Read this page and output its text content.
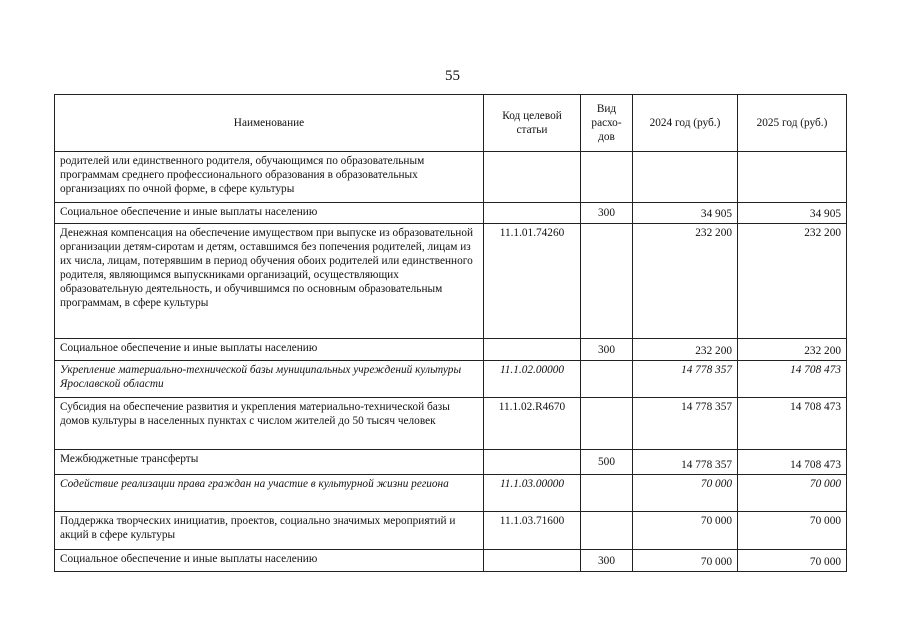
55
Наименование	Код целевой статьи	Вид расхо-дов	2024 год (руб.)	2025 год (руб.)
родителей или единственного родителя, обучающимся по образовательным программам среднего профессионального образования в образовательных организациях по очной форме, в сфере культуры				
Социальное обеспечение и иные выплаты населению		300	34 905	34 905
Денежная компенсация на обеспечение имуществом при выпуске из образовательной организации детям-сиротам и детям, оставшимся без попечения родителей, лицам из их числа, лицам, потерявшим в период обучения обоих родителей или единственного родителя, являющимся выпускниками организаций, осуществляющих образовательную деятельность, и обучившимся по основным образовательным программам, в сфере культуры	11.1.01.74260		232 200	232 200
Социальное обеспечение и иные выплаты населению		300	232 200	232 200
Укрепление материально-технической базы муниципальных учреждений культуры Ярославской области	11.1.02.00000		14 778 357	14 708 473
Субсидия на обеспечение развития и укрепления материально-технической базы домов культуры в населенных пунктах с числом жителей до 50 тысяч человек	11.1.02.R4670		14 778 357	14 708 473
Межбюджетные трансферты		500	14 778 357	14 708 473
Содействие реализации права граждан на участие в культурной жизни региона	11.1.03.00000		70 000	70 000
Поддержка творческих инициатив, проектов, социально значимых мероприятий и акций в сфере культуры	11.1.03.71600		70 000	70 000
Социальное обеспечение и иные выплаты населению		300	70 000	70 000
